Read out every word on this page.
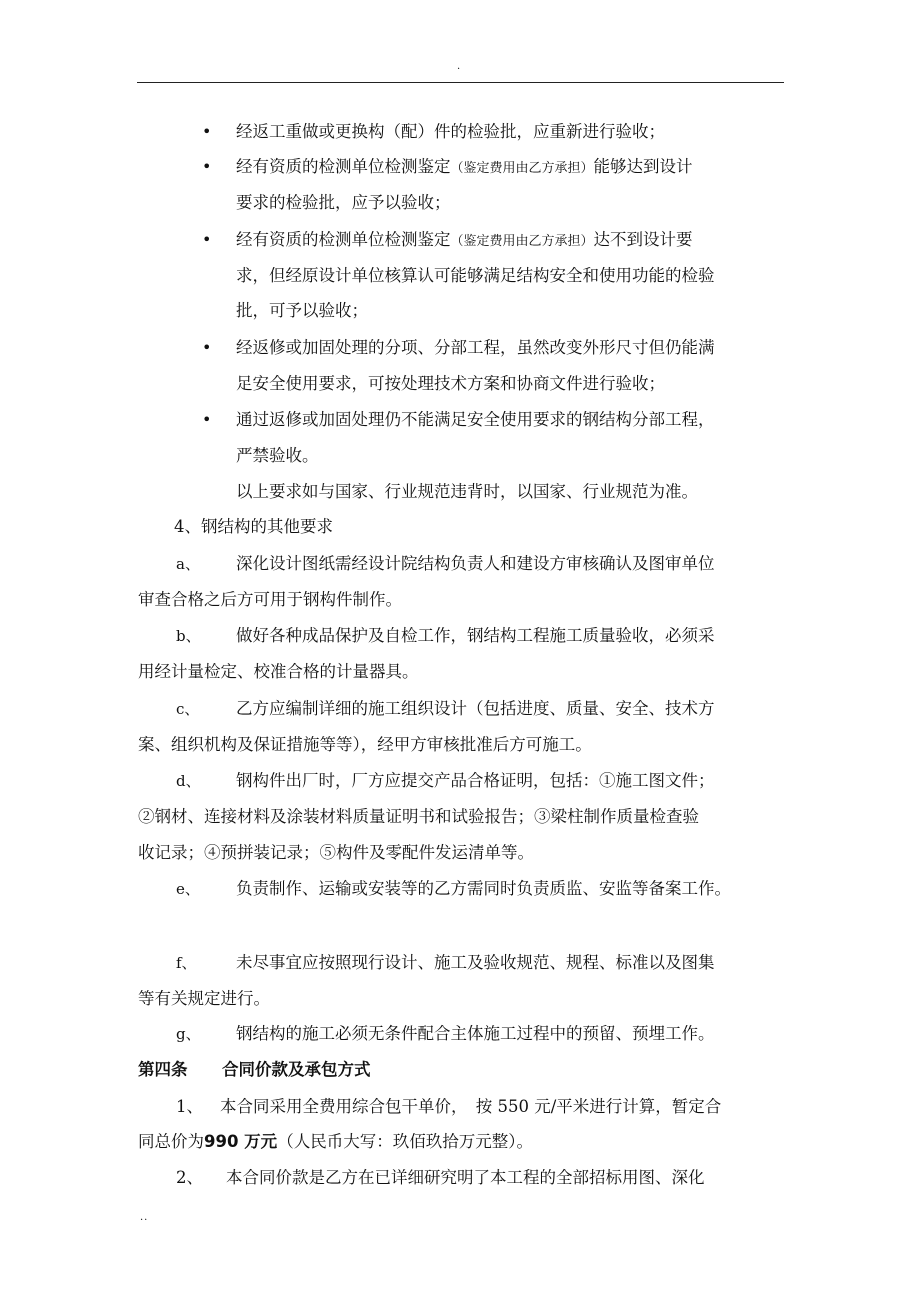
.
• 经返工重做或更换构（配）件的检验批，应重新进行验收；
• 经有资质的检测单位检测鉴定（鉴定费用由乙方承担）能够达到设计
要求的检验批，应予以验收；
• 经有资质的检测单位检测鉴定（鉴定费用由乙方承担）达不到设计要
求，但经原设计单位核算认可能够满足结构安全和使用功能的检验
批，可予以验收；
• 经返修或加固处理的分项、分部工程，虽然改变外形尺寸但仍能满
足安全使用要求，可按处理技术方案和协商文件进行验收；
• 通过返修或加固处理仍不能满足安全使用要求的钢结构分部工程，
严禁验收。
以上要求如与国家、行业规范违背时，以国家、行业规范为准。
4、钢结构的其他要求
a、 深化设计图纸需经设计院结构负责人和建设方审核确认及图审单位
审查合格之后方可用于钢构件制作。
b、 做好各种成品保护及自检工作，钢结构工程施工质量验收，必须采
用经计量检定、校准合格的计量器具。
c、 乙方应编制详细的施工组织设计（包括进度、质量、安全、技术方
案、组织机构及保证措施等等），经甲方审核批准后方可施工。
d、 钢构件出厂时，厂方应提交产品合格证明，包括：①施工图文件；
②钢材、连接材料及涂装材料质量证明书和试验报告；③梁柱制作质量检查验
收记录；④预拼装记录；⑤构件及零配件发运清单等。
e、 负责制作、运输或安装等的乙方需同时负责质监、安监等备案工作。
f、 未尽事宜应按照现行设计、施工及验收规范、规程、标准以及图集
等有关规定进行。
g、 钢结构的施工必须无条件配合主体施工过程中的预留、预埋工作。
第四条 合同价款及承包方式
1、 本合同采用全费用综合包干单价，　按 550 元/平米进行计算，暂定合
同总价为990 万元（人民币大写：玖佰玖拾万元整）。
2、 本合同价款是乙方在已详细研究明了本工程的全部招标用图、深化
..
